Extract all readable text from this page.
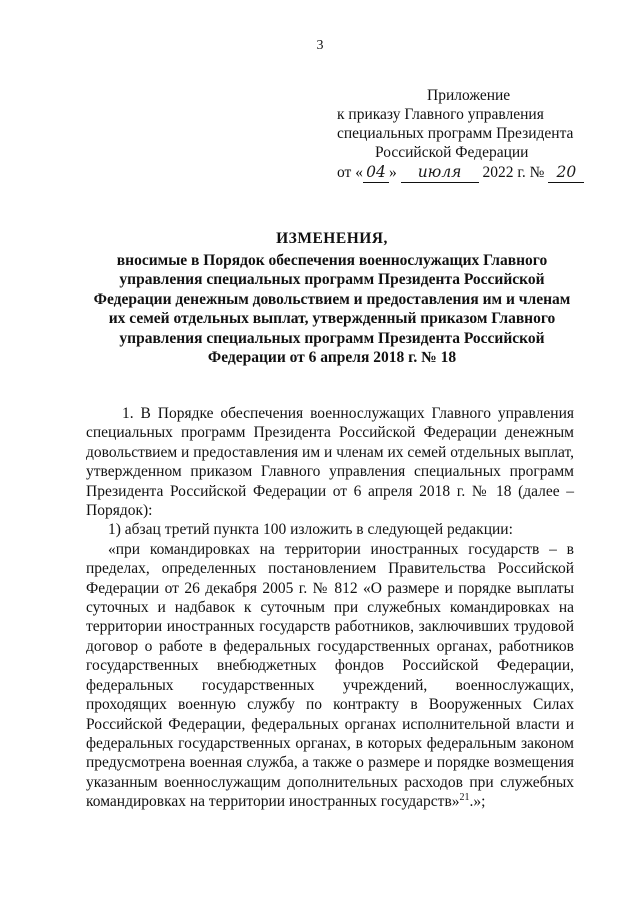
3
Приложение
к приказу Главного управления
специальных программ Президента
Российской Федерации
от « 04 » июля 2022 г. № 20
ИЗМЕНЕНИЯ,
вносимые в Порядок обеспечения военнослужащих Главного
управления специальных программ Президента Российской
Федерации денежным довольствием и предоставления им и членам
их семей отдельных выплат, утвержденный приказом Главного
управления специальных программ Президента Российской
Федерации от 6 апреля 2018 г. № 18

1. В Порядке обеспечения военнослужащих Главного управления специальных программ Президента Российской Федерации денежным довольствием и предоставления им и членам их семей отдельных выплат, утвержденном приказом Главного управления специальных программ Президента Российской Федерации от 6 апреля 2018 г. № 18 (далее – Порядок):

1) абзац третий пункта 100 изложить в следующей редакции:

«при командировках на территории иностранных государств – в пределах, определенных постановлением Правительства Российской Федерации от 26 декабря 2005 г. № 812 «О размере и порядке выплаты суточных и надбавок к суточным при служебных командировках на территории иностранных государств работников, заключивших трудовой договор о работе в федеральных государственных органах, работников государственных внебюджетных фондов Российской Федерации, федеральных государственных учреждений, военнослужащих, проходящих военную службу по контракту в Вооруженных Силах Российской Федерации, федеральных органах исполнительной власти и федеральных государственных органах, в которых федеральным законом предусмотрена военная служба, а также о размере и порядке возмещения указанным военнослужащим дополнительных расходов при служебных командировках на территории иностранных государств»$^{21}$.»;
